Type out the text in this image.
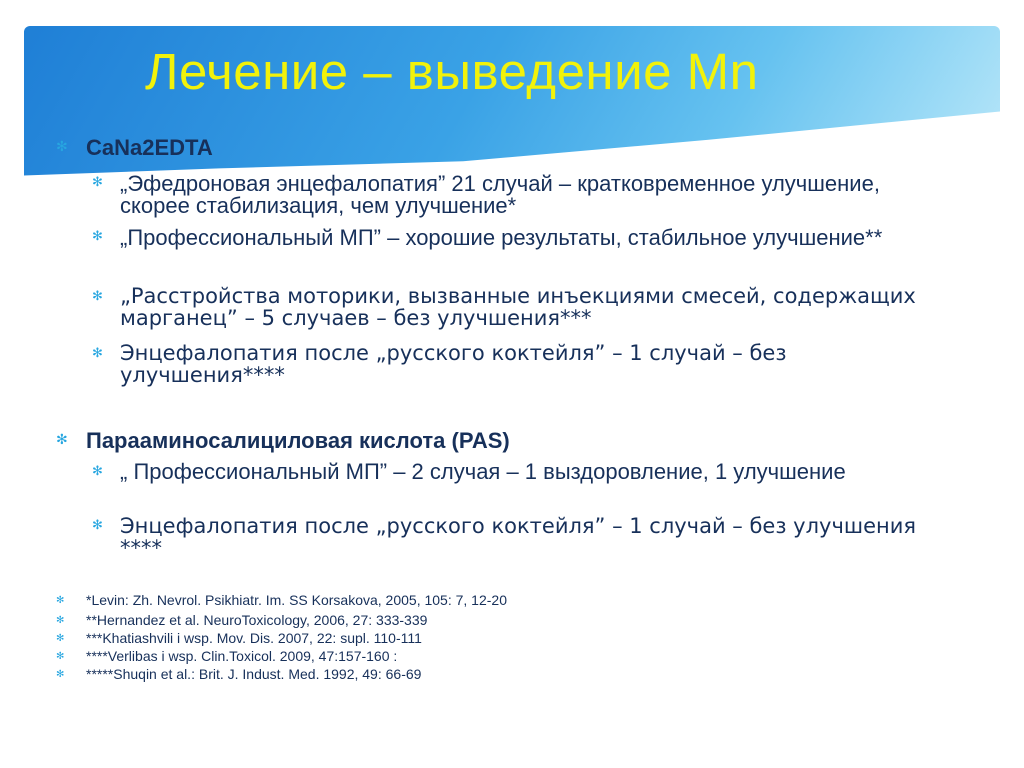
Лечение – выведение Mn
✻ CaNa2EDTA
✻ „Эфедроновая энцефалопатия” 21 случай – кратковременное улучшение, скорее стабилизация, чем улучшение*
✻ „Профессиональный МП” – хорошие результаты, стабильное улучшение**
✻ „Расстройства моторики, вызванные инъекциями смесей, содержащих марганец” – 5 случаев – без улучшения***
✻ Энцефалопатия после „русского коктейля” – 1 случай – без улучшения****
✻ Парааминосалициловая кислота (PAS)
✻ „ Профессиональный МП” – 2 случая – 1 выздоровление, 1 улучшение
✻ Энцефалопатия после „русского коктейля” – 1 случай – без улучшения ****
✻ *Levin: Zh. Nevrol. Psikhiatr. Im. SS Korsakova, 2005, 105: 7, 12-20
✻ **Hernandez et al. NeuroToxicology, 2006, 27: 333-339
✻ ***Khatiashvili i wsp. Mov. Dis. 2007, 22: supl. 110-111
✻ ****Verlibas i wsp. Clin.Toxicol. 2009, 47:157-160 :
✻ *****Shuqin et al.: Brit. J. Indust. Med. 1992, 49: 66-69
